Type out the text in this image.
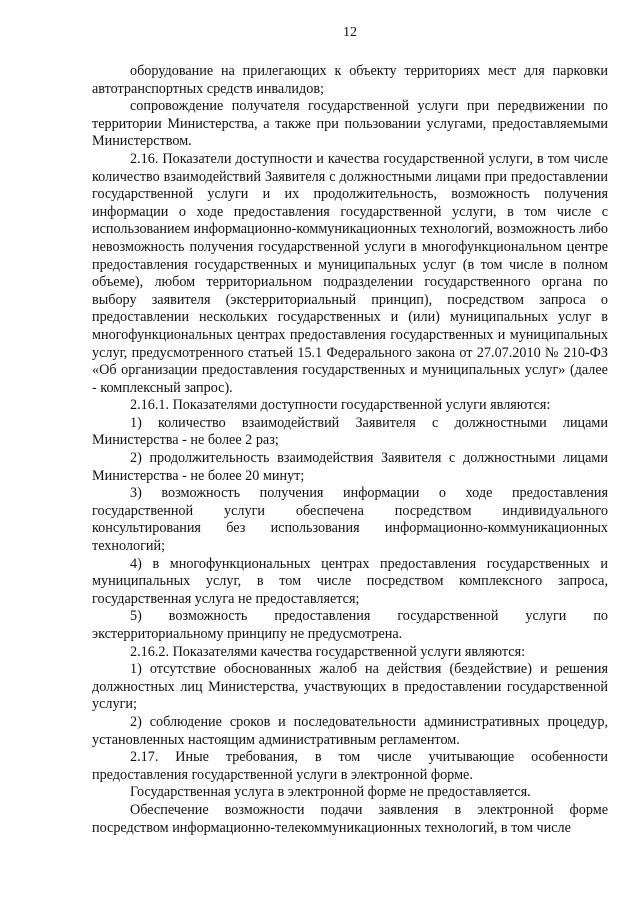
12

оборудование на прилегающих к объекту территориях мест для парковки автотранспортных средств инвалидов;

сопровождение получателя государственной услуги при передвижении по территории Министерства, а также при пользовании услугами, предоставляемыми Министерством.

2.16. Показатели доступности и качества государственной услуги, в том числе количество взаимодействий Заявителя с должностными лицами при предоставлении государственной услуги и их продолжительность, возможность получения информации о ходе предоставления государственной услуги, в том числе с использованием информационно-коммуникационных технологий, возможность либо невозможность получения государственной услуги в многофункциональном центре предоставления государственных и муниципальных услуг (в том числе в полном объеме), любом территориальном подразделении государственного органа по выбору заявителя (экстерриториальный принцип), посредством запроса о предоставлении нескольких государственных и (или) муниципальных услуг в многофункциональных центрах предоставления государственных и муниципальных услуг, предусмотренного статьей 15.1 Федерального закона от 27.07.2010 № 210-ФЗ «Об организации предоставления государственных и муниципальных услуг» (далее - комплексный запрос).

2.16.1. Показателями доступности государственной услуги являются:

1) количество взаимодействий Заявителя с должностными лицами Министерства - не более 2 раз;

2) продолжительность взаимодействия Заявителя с должностными лицами Министерства - не более 20 минут;

3) возможность получения информации о ходе предоставления государственной услуги обеспечена посредством индивидуального консультирования без использования информационно-коммуникационных технологий;

4) в многофункциональных центрах предоставления государственных и муниципальных услуг, в том числе посредством комплексного запроса, государственная услуга не предоставляется;

5) возможность предоставления государственной услуги по экстерриториальному принципу не предусмотрена.

2.16.2. Показателями качества государственной услуги являются:

1) отсутствие обоснованных жалоб на действия (бездействие) и решения должностных лиц Министерства, участвующих в предоставлении государственной услуги;

2) соблюдение сроков и последовательности административных процедур, установленных настоящим административным регламентом.

2.17. Иные требования, в том числе учитывающие особенности предоставления государственной услуги в электронной форме.

Государственная услуга в электронной форме не предоставляется.

Обеспечение возможности подачи заявления в электронной форме посредством информационно-телекоммуникационных технологий, в том числе
